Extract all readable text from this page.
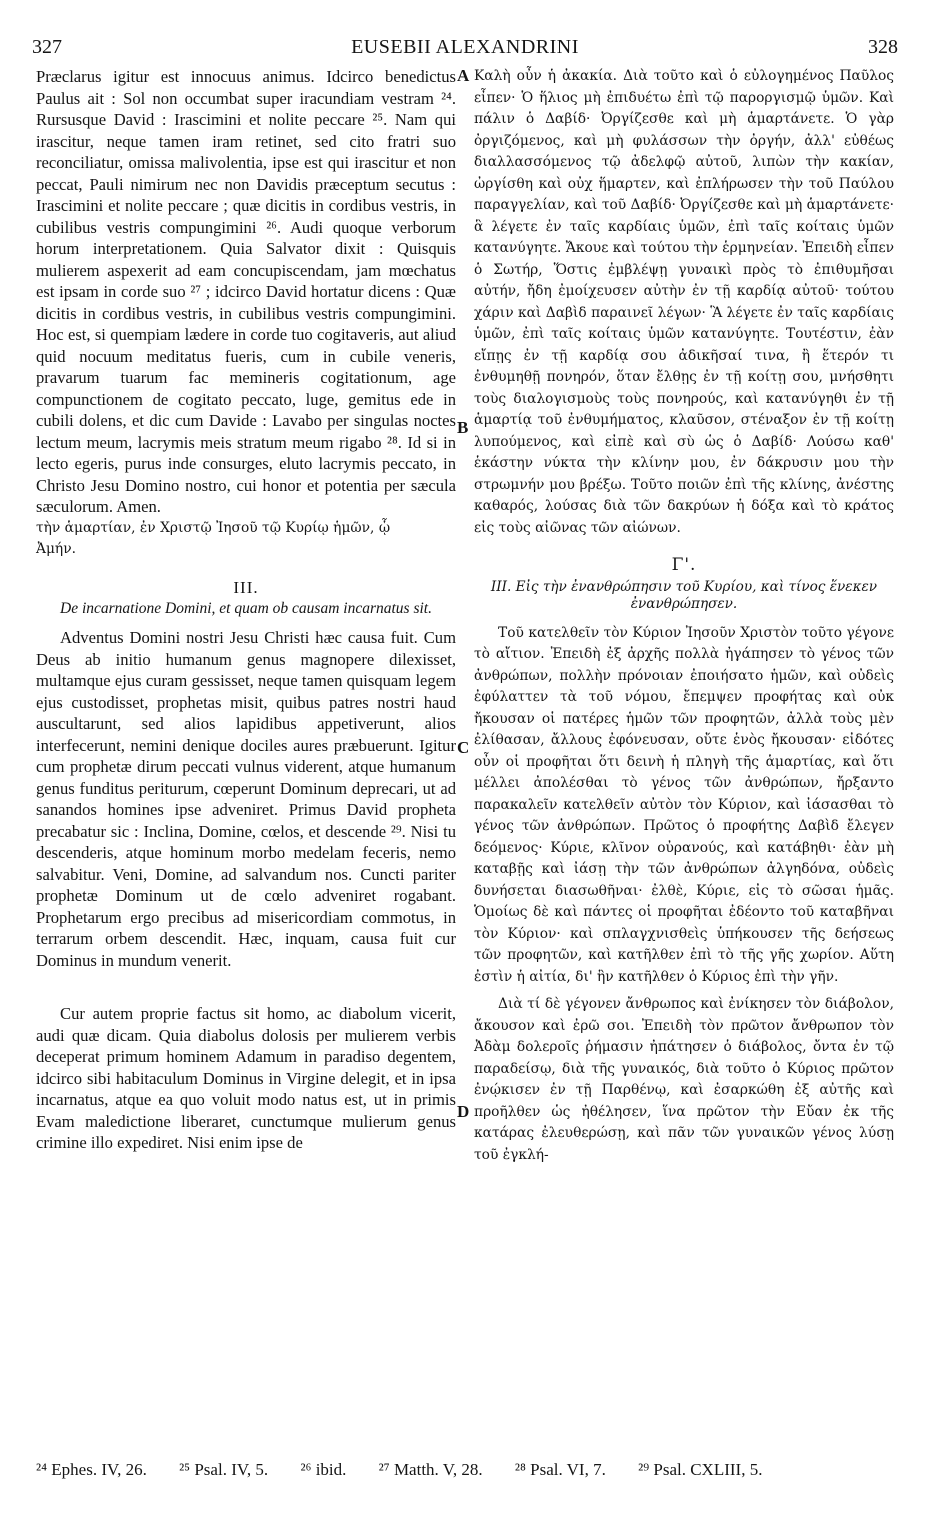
327	EUSEBII ALEXANDRINI	328

Præclarus igitur est innocuus animus. Idcirco benedictus Paulus ait : Sol non occumbat super iracundiam vestram ²⁴. Rursusque David : Irascimini et nolite peccare ²⁵. Nam qui irascitur, neque tamen iram retinet, sed cito fratri suo reconciliatur, omissa malivolentia, ipse est qui irascitur et non peccat, Pauli nimirum nec non Davidis præceptum secutus : Irascimini et nolite peccare ; quæ dicitis in cordibus vestris, in cubilibus vestris compungimini ²⁶. Audi quoque verborum horum interpretationem. Quia Salvator dixit : Quisquis mulierem aspexerit ad eam concupiscendam, jam mœchatus est ipsam in corde suo ²⁷ ; idcirco David hortatur dicens : Quæ dicitis in cordibus vestris, in cubilibus vestris compungimini. Hoc est, si quempiam lædere in corde tuo cogitaveris, aut aliud quid nocuum meditatus fueris, cum in cubile veneris, pravarum tuarum fac memineris cogitationum, age compunctionem de cogitato peccato, luge, gemitus ede in cubili dolens, et dic cum Davide : Lavabo per singulas noctes lectum meum, lacrymis meis stratum meum rigabo ²⁸. Id si in lecto egeris, purus inde consurges, eluto lacrymis peccato, in Christo Jesu Domino nostro, cui honor et potentia per sæcula sæculorum. Amen.

τὴν ἁμαρτίαν, ἐν Χριστῷ Ἰησοῦ τῷ Κυρίῳ ἡμῶν, ᾧ

Ἀμήν.

III.
De incarnatione Domini, et quam ob causam incarnatus sit.

Adventus Domini nostri Jesu Christi hæc causa fuit. Cum Deus ab initio humanum genus magnopere dilexisset, multamque ejus curam gessisset, neque tamen quisquam legem ejus custodisset, prophetas misit, quibus patres nostri haud auscultarunt, sed alios lapidibus appetiverunt, alios interfecerunt, nemini denique dociles aures præbuerunt. Igitur cum prophetæ dirum peccati vulnus viderent, atque humanum genus funditus periturum, cœperunt Dominum deprecari, ut ad sanandos homines ipse adveniret. Primus David propheta precabatur sic : Inclina, Domine, cœlos, et descende ²⁹. Nisi tu descenderis, atque hominum morbo medelam feceris, nemo salvabitur. Veni, Domine, ad salvandum nos. Cuncti pariter prophetæ Dominum ut de cœlo adveniret rogabant. Prophetarum ergo precibus ad misericordiam commotus, in terrarum orbem descendit. Hæc, inquam, causa fuit cur Dominus in mundum venerit.

Cur autem proprie factus sit homo, ac diabolum vicerit, audi quæ dicam. Quia diabolus dolosis per mulierem verbis deceperat primum hominem Adamum in paradiso degentem, idcirco sibi habitaculum Dominus in Virgine delegit, et in ipsa incarnatus, atque ea quo voluit modo natus est, ut in primis Evam maledictione liberaret, cunctumque mulierum genus crimine illo expediret. Nisi enim ipse de

Καλὴ οὖν ἡ ἀκακία. Διὰ τοῦτο καὶ ὁ εὐλογημένος Παῦλος εἶπεν· Ὁ ἥλιος μὴ ἐπιδυέτω ἐπὶ τῷ παροργισμῷ ὑμῶν. Καὶ πάλιν ὁ Δαβίδ· Ὀργίζεσθε καὶ μὴ ἁμαρτάνετε. Ὁ γὰρ ὀργιζόμενος, καὶ μὴ φυλάσσων τὴν ὀργήν, ἀλλ' εὐθέως διαλλασσόμενος τῷ ἀδελφῷ αὐτοῦ, λιπὼν τὴν κακίαν, ὠργίσθη καὶ οὐχ ἥμαρτεν, καὶ ἐπλήρωσεν τὴν τοῦ Παύλου παραγγελίαν, καὶ τοῦ Δαβίδ· Ὀργίζεσθε καὶ μὴ ἁμαρτάνετε· ἃ λέγετε ἐν ταῖς καρδίαις ὑμῶν, ἐπὶ ταῖς κοίταις ὑμῶν κατανύγητε. Ἄκουε καὶ τούτου τὴν ἑρμηνείαν. Ἐπειδὴ εἶπεν ὁ Σωτήρ, Ὅστις ἐμβλέψῃ γυναικὶ πρὸς τὸ ἐπιθυμῆσαι αὐτήν, ἤδη ἐμοίχευσεν αὐτὴν ἐν τῇ καρδίᾳ αὐτοῦ· τούτου χάριν καὶ Δαβὶδ παραινεῖ λέγων· Ἃ λέγετε ἐν ταῖς καρδίαις ὑμῶν, ἐπὶ ταῖς κοίταις ὑμῶν κατανύγητε. Τουτέστιν, ἐὰν εἴπῃς ἐν τῇ καρδίᾳ σου ἀδικῆσαί τινα, ἢ ἕτερόν τι ἐνθυμηθῇ πονηρόν, ὅταν ἔλθῃς ἐν τῇ κοίτῃ σου, μνήσθητι τοὺς διαλογισμοὺς τοὺς πονηρούς, καὶ κατανύγηθι ἐν τῇ ἁμαρτίᾳ τοῦ ἐνθυμήματος, κλαῦσον, στέναξον ἐν τῇ κοίτῃ λυπούμενος, καὶ εἰπὲ καὶ σὺ ὡς ὁ Δαβίδ· Λούσω καθ' ἑκάστην νύκτα τὴν κλίνην μου, ἐν δάκρυσιν μου τὴν στρωμνήν μου βρέξω. Τοῦτο ποιῶν ἐπὶ τῆς κλίνης, ἀνέστης καθαρός, λούσας διὰ τῶν δακρύων ἡ δόξα καὶ τὸ κράτος εἰς τοὺς αἰῶνας τῶν αἰώνων.

Γ'.
III. Εἰς τὴν ἐνανθρώπησιν τοῦ Κυρίου, καὶ τίνος ἕνεκεν ἐνανθρώπησεν.

Τοῦ κατελθεῖν τὸν Κύριον Ἰησοῦν Χριστὸν τοῦτο γέγονε τὸ αἴτιον. Ἐπειδὴ ἐξ ἀρχῆς πολλὰ ἠγάπησεν τὸ γένος τῶν ἀνθρώπων, πολλὴν πρόνοιαν ἐποιήσατο ἡμῶν, καὶ οὐδεὶς ἐφύλαττεν τὰ τοῦ νόμου, ἔπεμψεν προφήτας καὶ οὐκ ἤκουσαν οἱ πατέρες ἡμῶν τῶν προφητῶν, ἀλλὰ τοὺς μὲν ἐλίθασαν, ἄλλους ἐφόνευσαν, οὔτε ἑνὸς ἤκουσαν· εἰδότες οὖν οἱ προφῆται ὅτι δεινὴ ἡ πληγὴ τῆς ἁμαρτίας, καὶ ὅτι μέλλει ἀπολέσθαι τὸ γένος τῶν ἀνθρώπων, ἤρξαντο παρακαλεῖν κατελθεῖν αὐτὸν τὸν Κύριον, καὶ ἰάσασθαι τὸ γένος τῶν ἀνθρώπων. Πρῶτος ὁ προφήτης Δαβὶδ ἔλεγεν δεόμενος· Κύριε, κλῖνον οὐρανούς, καὶ κατάβηθι· ἐὰν μὴ καταβῇς καὶ ἰάσῃ τὴν τῶν ἀνθρώπων ἀλγηδόνα, οὐδεὶς δυνήσεται διασωθῆναι· ἐλθὲ, Κύριε, εἰς τὸ σῶσαι ἡμᾶς. Ὁμοίως δὲ καὶ πάντες οἱ προφῆται ἐδέοντο τοῦ καταβῆναι τὸν Κύριον· καὶ σπλαγχνισθεὶς ὑπήκουσεν τῆς δεήσεως τῶν προφητῶν, καὶ κατῆλθεν ἐπὶ τὸ τῆς γῆς χωρίον. Αὕτη ἐστὶν ἡ αἰτία, δι' ἣν κατῆλθεν ὁ Κύριος ἐπὶ τὴν γῆν.

Διὰ τί δὲ γέγονεν ἄνθρωπος καὶ ἐνίκησεν τὸν διάβολον, ἄκουσον καὶ ἐρῶ σοι. Ἐπειδὴ τὸν πρῶτον ἄνθρωπον τὸν Ἀδὰμ δολεροῖς ῥήμασιν ἠπάτησεν ὁ διάβολος, ὄντα ἐν τῷ παραδείσῳ, διὰ τῆς γυναικός, διὰ τοῦτο ὁ Κύριος πρῶτον ἐνῴκισεν ἐν τῇ Παρθένῳ, καὶ ἐσαρκώθη ἐξ αὐτῆς καὶ προῆλθεν ὡς ἠθέλησεν, ἵνα πρῶτον τὴν Εὔαν ἐκ τῆς κατάρας ἐλευθερώσῃ, καὶ πᾶν τῶν γυναικῶν γένος λύσῃ τοῦ ἐγκλή-

A
B
C
D
²⁴ Ephes. IV, 26. ²⁵ Psal. IV, 5. ²⁶ ibid. ²⁷ Matth. V, 28. ²⁸ Psal. VI, 7. ²⁹ Psal. CXLIII, 5.
